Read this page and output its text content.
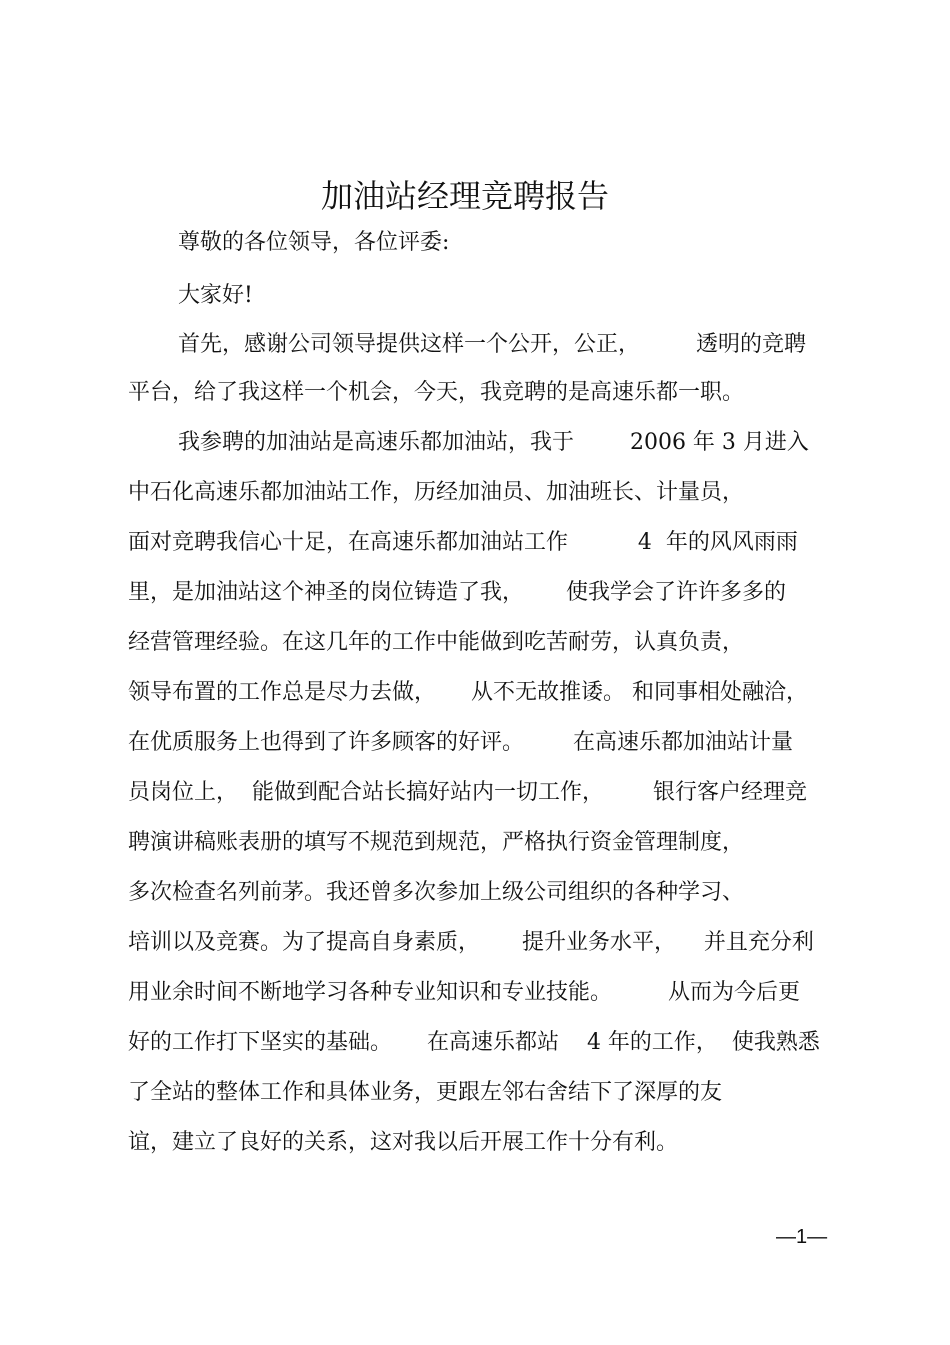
加油站经理竞聘报告
尊敬的各位领导，各位评委:
大家好!
首先，感谢公司领导提供这样一个公开，公正，        透明的竞聘
平台，给了我这样一个机会，今天，我竞聘的是高速乐都一职。
我参聘的加油站是高速乐都加油站，我于        2006 年 3 月进入
中石化高速乐都加油站工作，历经加油员、加油班长、计量员，
面对竞聘我信心十足，在高速乐都加油站工作          4  年的风风雨雨
里，是加油站这个神圣的岗位铸造了我，      使我学会了许许多多的
经营管理经验。在这几年的工作中能做到吃苦耐劳，认真负责，
领导布置的工作总是尽力去做，     从不无故推诿。 和同事相处融洽，
在优质服务上也得到了许多顾客的好评。       在高速乐都加油站计量
员岗位上，  能做到配合站长搞好站内一切工作，       银行客户经理竞
聘演讲稿账表册的填写不规范到规范，严格执行资金管理制度，
多次检查名列前茅。我还曾多次参加上级公司组织的各种学习、
培训以及竞赛。为了提高自身素质，      提升业务水平，    并且充分利
用业余时间不断地学习各种专业知识和专业技能。        从而为今后更
好的工作打下坚实的基础。     在高速乐都站    4 年的工作，  使我熟悉
了全站的整体工作和具体业务，更跟左邻右舍结下了深厚的友
谊，建立了良好的关系，这对我以后开展工作十分有利。
—1—
